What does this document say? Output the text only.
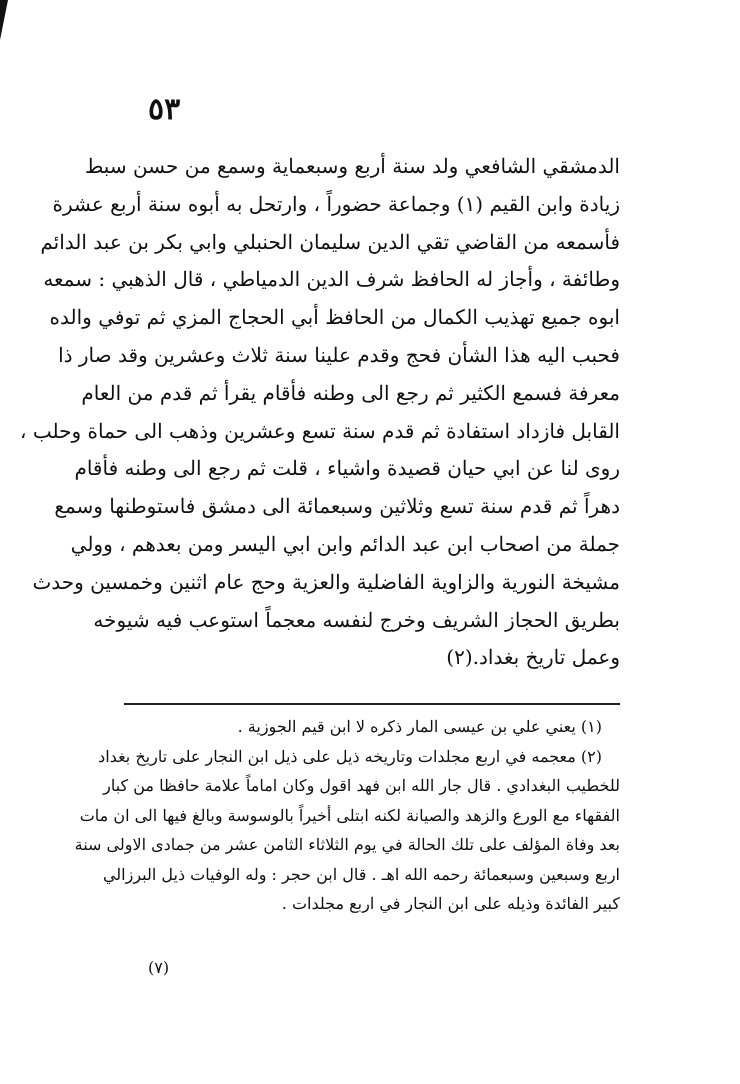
٥٣
الدمشقي الشافعي ولد سنة أربع وسبعماية وسمع من حسن سبط
زيادة وابن القيم (١) وجماعة حضوراً ، وارتحل به أبوه سنة أربع عشرة
فأسمعه من القاضي تقي الدين سليمان الحنبلي وابي بكر بن عبد الدائم
وطائفة ، وأجاز له الحافظ شرف الدين الدمياطي ، قال الذهبي : سمعه
ابوه جميع تهذيب الكمال من الحافظ أبي الحجاج المزي ثم توفي والده
فحبب اليه هذا الشأن فحج وقدم علينا سنة ثلاث وعشرين وقد صار ذا
معرفة فسمع الكثير ثم رجع الى وطنه فأقام يقرأ ثم قدم من العام
القابل فازداد استفادة ثم قدم سنة تسع وعشرين وذهب الى حماة وحلب ،
روى لنا عن ابي حيان قصيدة واشياء ، قلت ثم رجع الى وطنه فأقام
دهراً ثم قدم سنة تسع وثلاثين وسبعمائة الى دمشق فاستوطنها وسمع
جملة من اصحاب ابن عبد الدائم وابن ابي اليسر ومن بعدهم ، وولي
مشيخة النورية والزاوية الفاضلية والعزية وحج عام اثنين وخمسين وحدث
بطريق الحجاز الشريف وخرج لنفسه معجماً استوعب فيه شيوخه
وعمل تاريخ بغداد.(٢)
(١) يعني علي بن عيسى المار ذكره لا ابن قيم الجوزية .
(٢) معجمه في اربع مجلدات وتاريخه ذيل على ذيل ابن النجار على تاريخ بغداد
للخطيب البغدادي . قال جار الله ابن فهد اقول وكان اماماً علامة حافظا من كبار
الفقهاء مع الورع والزهد والصيانة لكنه ابتلى أخيراً بالوسوسة وبالغ فيها الى ان مات
بعد وفاة المؤلف على تلك الحالة في يوم الثلاثاء الثامن عشر من جمادى الاولى سنة
اربع وسبعين وسبعمائة رحمه الله اهـ . قال ابن حجر : وله الوفيات ذيل البرزالي
كبير الفائدة وذيله على ابن النجار في اربع مجلدات .
(٧)
